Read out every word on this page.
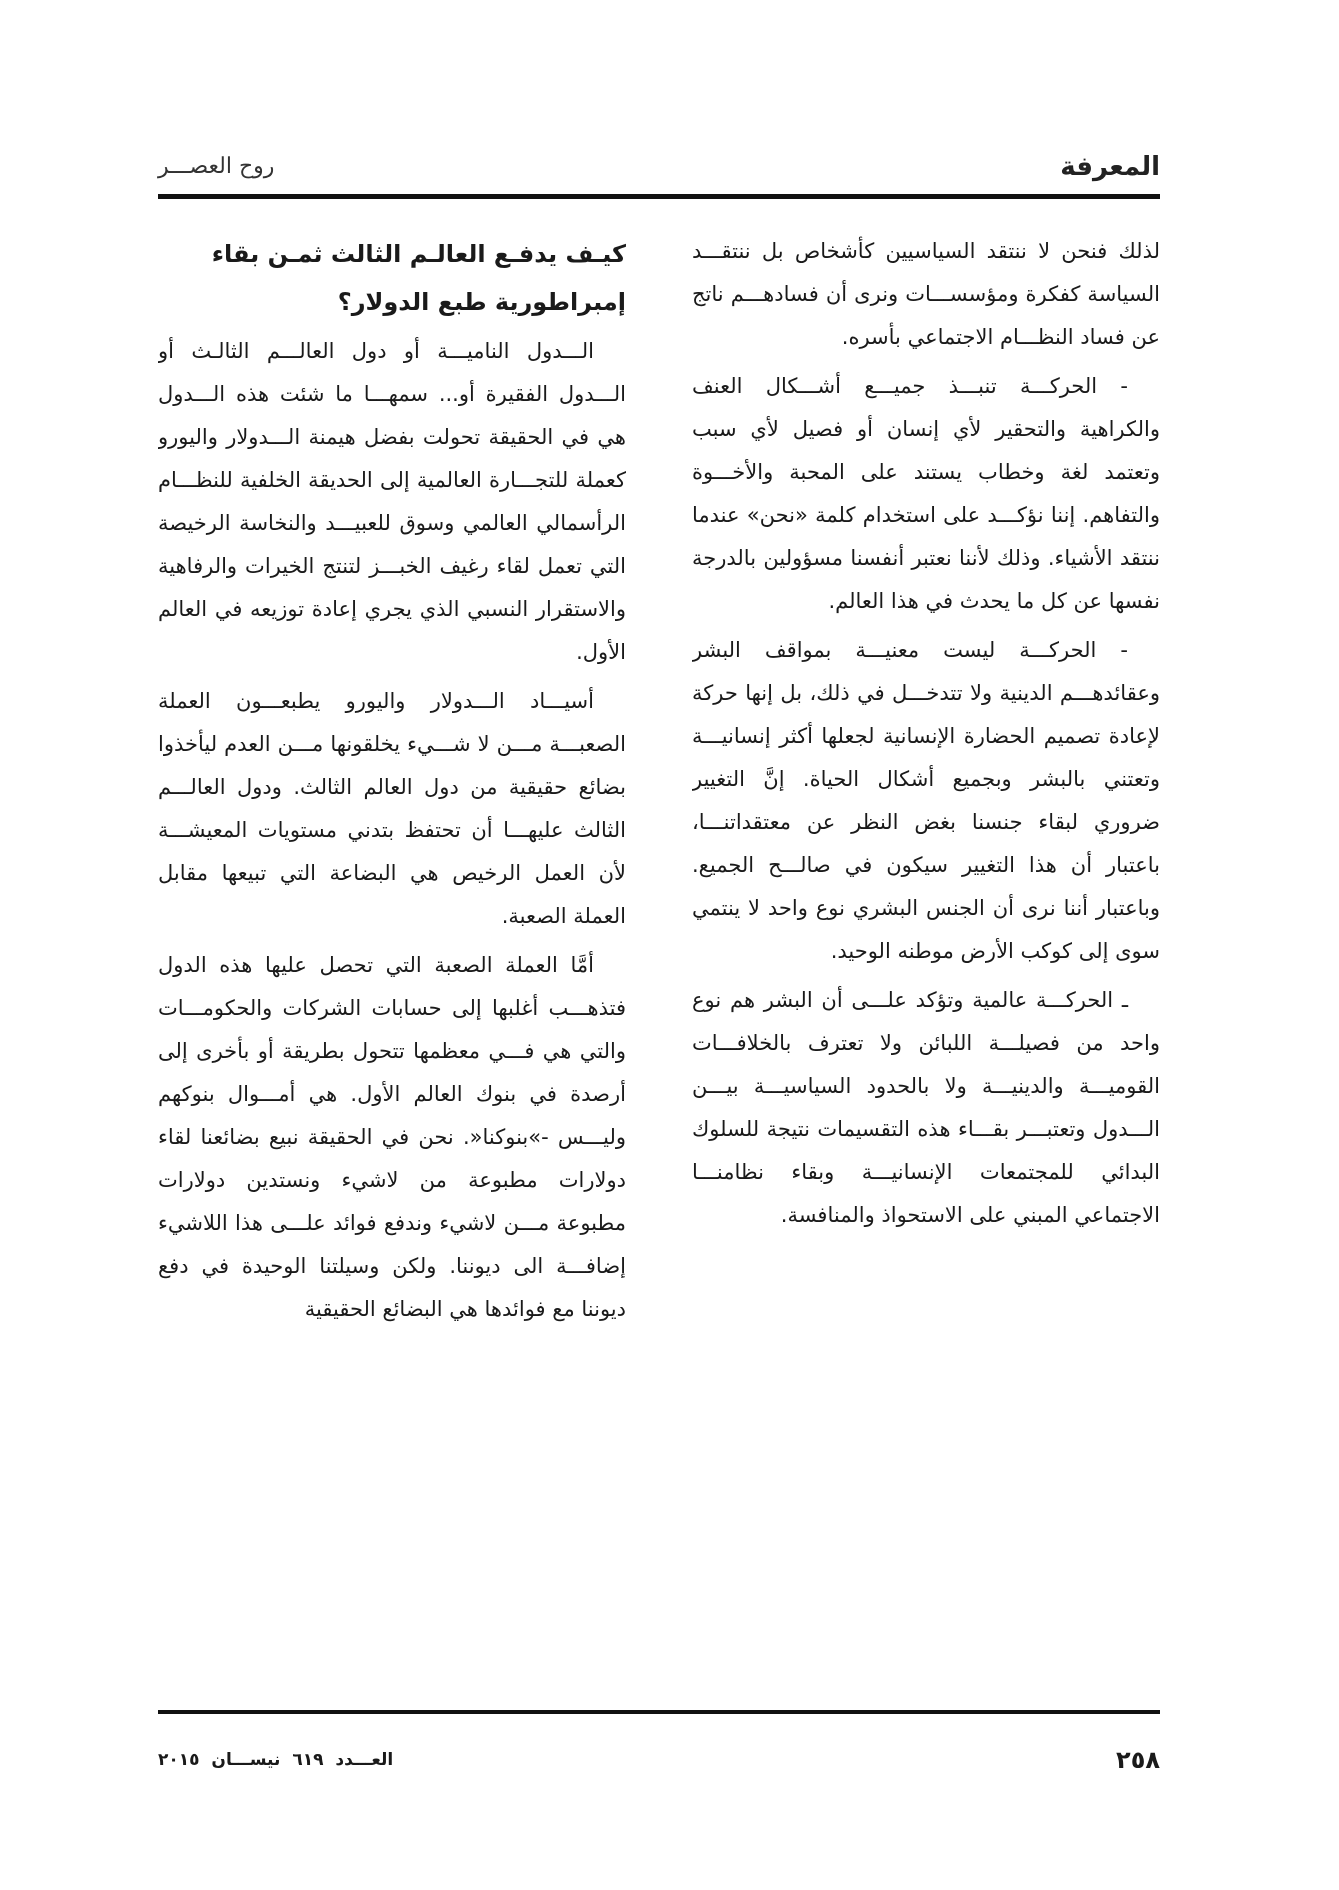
المعرفة
روح العصـــر

لذلك فنحن لا ننتقد السياسيين كأشخاص بل ننتقـــد السياسة كفكرة ومؤسســـات ونرى أن فسادهـــم ناتج عن فساد النظـــام الاجتماعي بأسره.

- الحركـــة تنبـــذ جميـــع أشـــكال العنف والكراهية والتحقير لأي إنسان أو فصيل لأي سبب وتعتمد لغة وخطاب يستند على المحبة والأخـــوة والتفاهم. إننا نؤكـــد على استخدام كلمة «نحن» عندما ننتقد الأشياء. وذلك لأننا نعتبر أنفسنا مسؤولين بالدرجة نفسها عن كل ما يحدث في هذا العالم.

- الحركـــة ليست معنيـــة بمواقف البشر وعقائدهـــم الدينية ولا تتدخـــل في ذلك، بل إنها حركة لإعادة تصميم الحضارة الإنسانية لجعلها أكثر إنسانيـــة وتعتني بالبشر وبجميع أشكال الحياة. إنَّ التغيير ضروري لبقاء جنسنا بغض النظر عن معتقداتنـــا، باعتبار أن هذا التغيير سيكون في صالـــح الجميع. وباعتبار أننا نرى أن الجنس البشري نوع واحد لا ينتمي سوى إلى كوكب الأرض موطنه الوحيد.

ـ الحركـــة عالمية وتؤكد علـــى أن البشر هم نوع واحد من فصيلـــة اللبائن ولا تعترف بالخلافـــات القوميـــة والدينيـــة ولا بالحدود السياسيـــة بيـــن الـــدول وتعتبـــر بقـــاء هذه التقسيمات نتيجة للسلوك البدائي للمجتمعات الإنسانيـــة وبقاء نظامنـــا الاجتماعي المبني على الاستحواذ والمنافسة.

كيـف يدفـع العالـم الثالث ثمـن بقاء إمبراطورية طبع الدولار؟

الـــدول الناميـــة أو دول العالـــم الثالـث أو الـــدول الفقيرة أو... سمهـــا ما شئت هذه الـــدول هي في الحقيقة تحولت بفضل هيمنة الـــدولار واليورو كعملة للتجـــارة العالمية إلى الحديقة الخلفية للنظـــام الرأسمالي العالمي وسوق للعبيـــد والنخاسة الرخيصة التي تعمل لقاء رغيف الخبـــز لتنتج الخيرات والرفاهية والاستقرار النسبي الذي يجري إعادة توزيعه في العالم الأول.

أسيـــاد الـــدولار واليورو يطبعـــون العملة الصعبـــة مـــن لا شـــيء يخلقونها مـــن العدم ليأخذوا بضائع حقيقية من دول العالم الثالث. ودول العالـــم الثالث عليهـــا أن تحتفظ بتدني مستويات المعيشـــة لأن العمل الرخيص هي البضاعة التي تبيعها مقابل العملة الصعبة.

أمَّا العملة الصعبة التي تحصل عليها هذه الدول فتذهـــب أغلبها إلى حسابات الشركات والحكومـــات والتي هي فـــي معظمها تتحول بطريقة أو بأخرى إلى أرصدة في بنوك العالم الأول. هي أمـــوال بنوكهم وليـــس -»بنوكنا«. نحن في الحقيقة نبيع بضائعنا لقاء دولارات مطبوعة من لاشيء ونستدين دولارات مطبوعة مـــن لاشيء وندفع فوائد علـــى هذا اللاشيء إضافـــة الى ديوننا. ولكن وسيلتنا الوحيدة في دفع ديوننا مع فوائدها هي البضائع الحقيقية

٢٥٨
العـــدد ٦١٩ نيســـان ٢٠١٥
